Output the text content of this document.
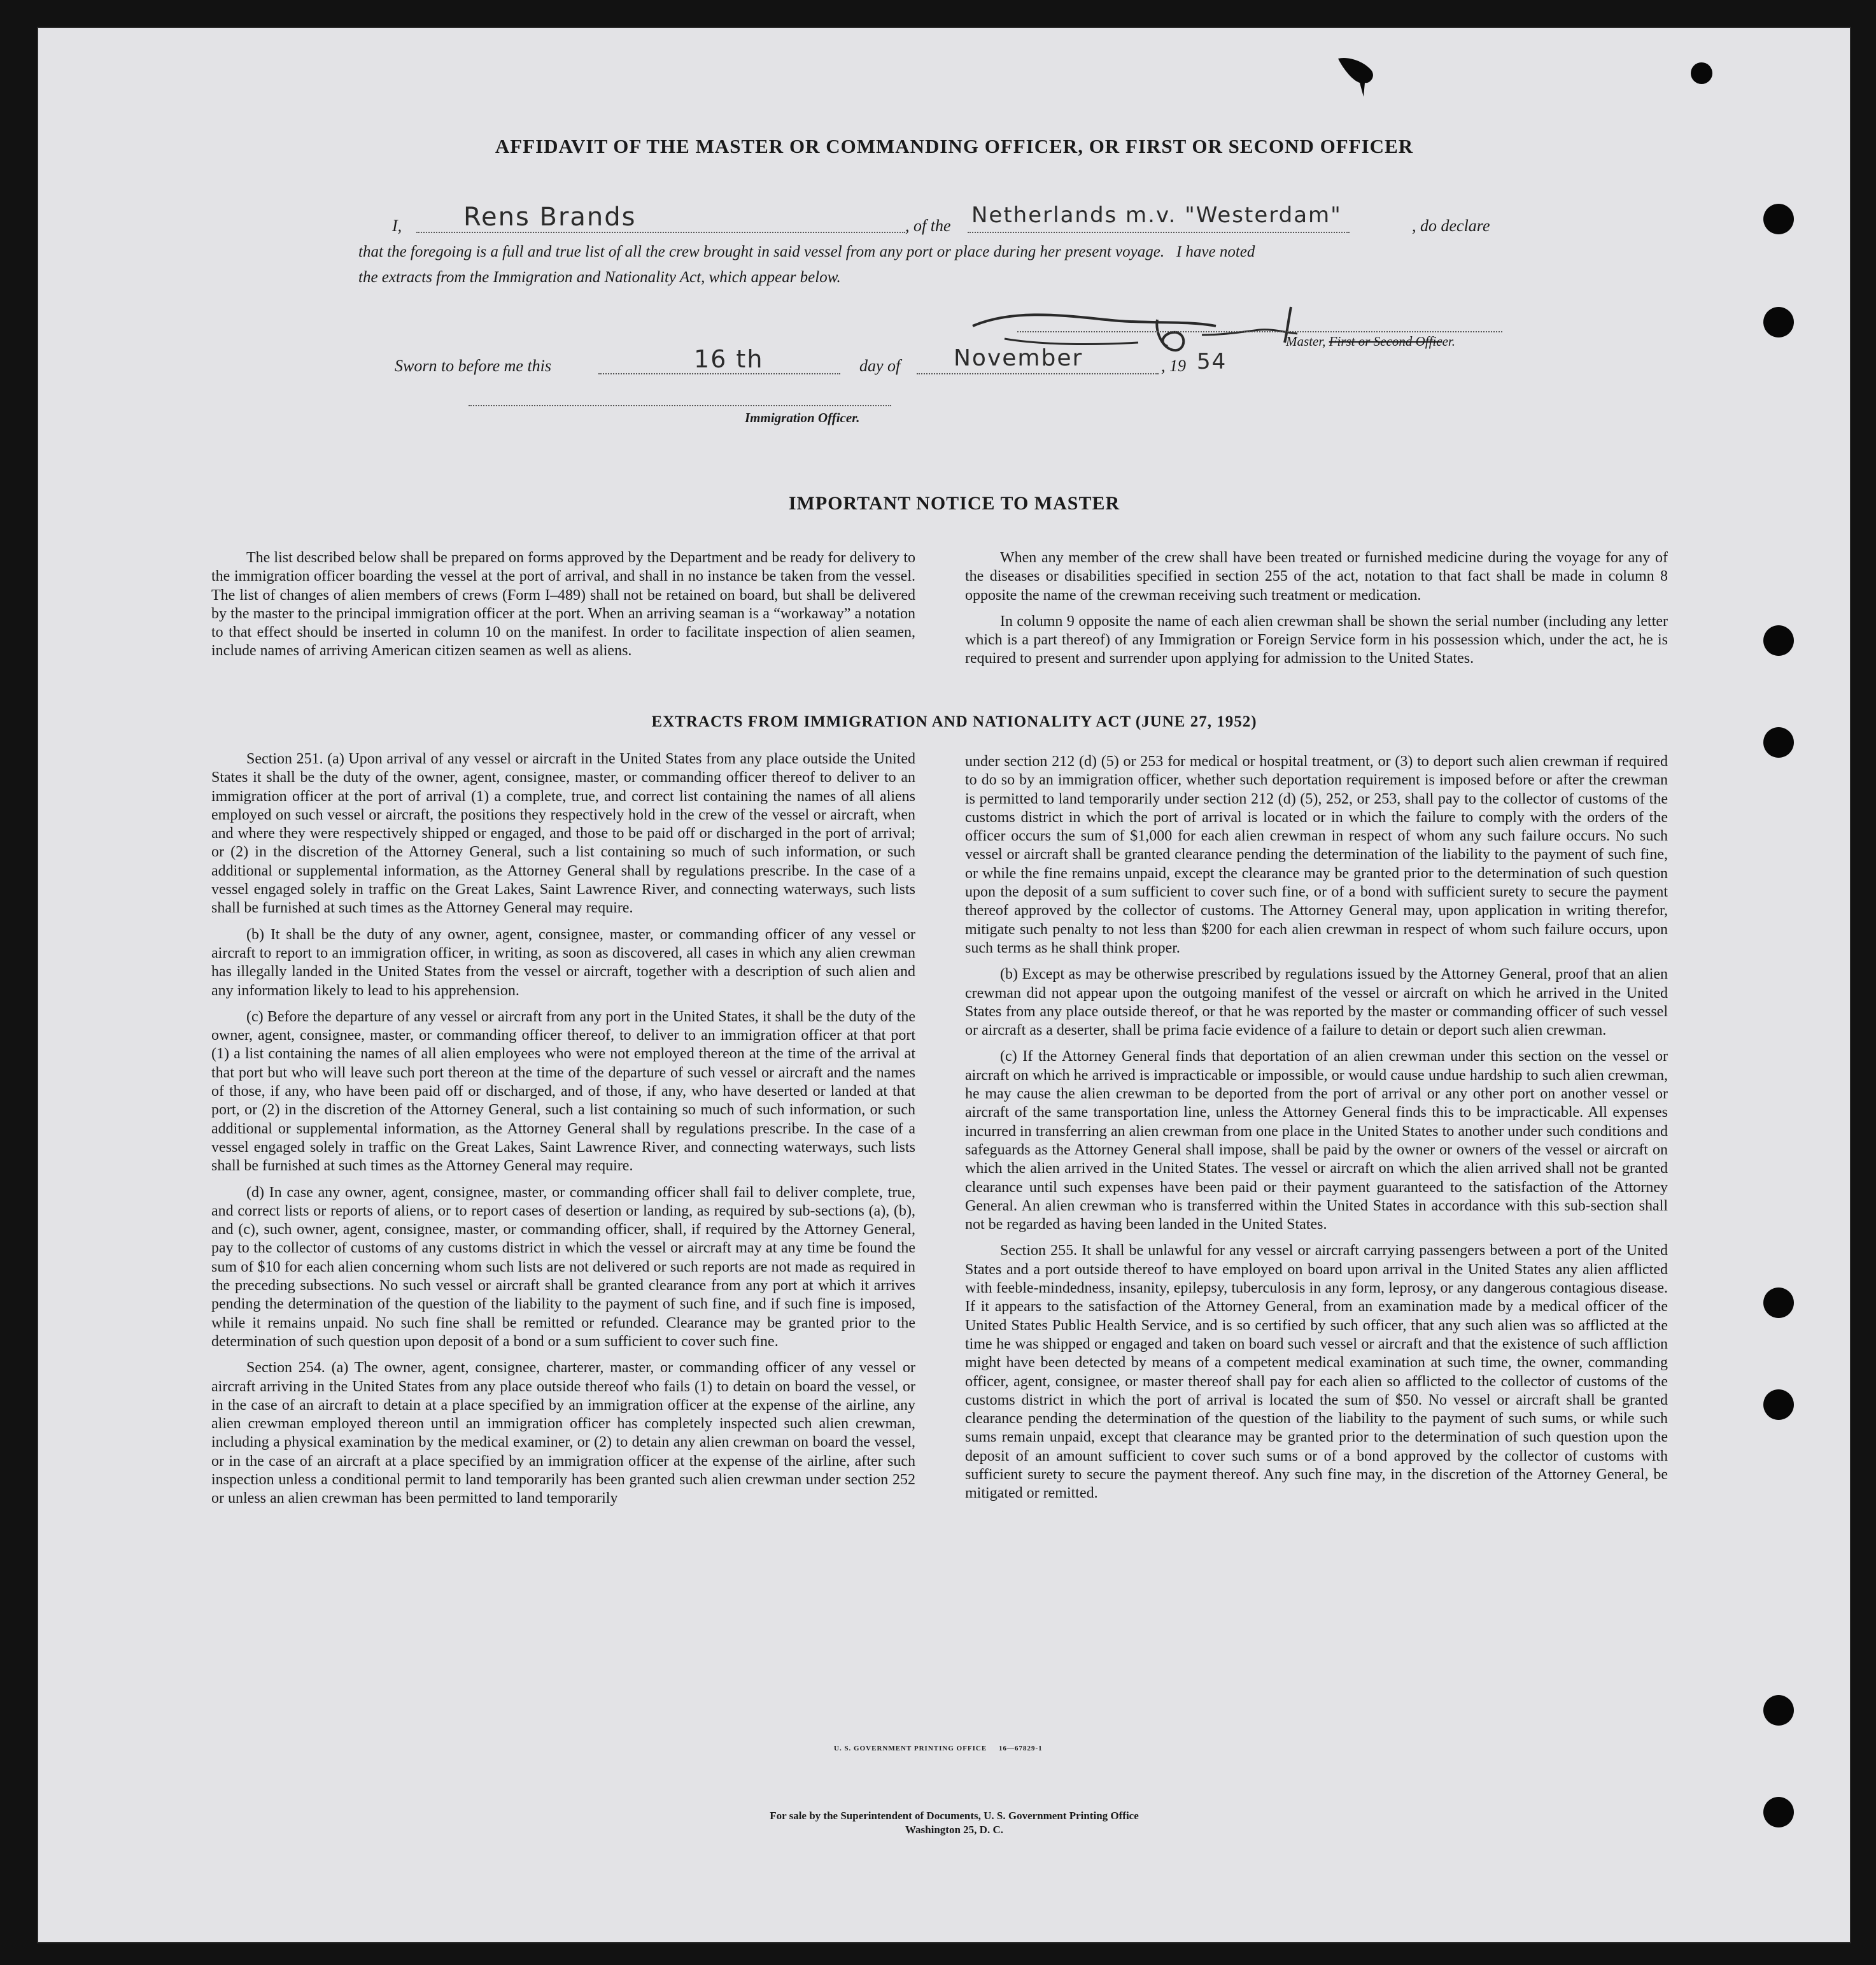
AFFIDAVIT OF THE MASTER OR COMMANDING OFFICER, OR FIRST OR SECOND OFFICER
I, Rens Brands	, of the Netherlands m.v. "Westerdam"	, do declare
that the foregoing is a full and true list of all the crew brought in said vessel from any port or place during her present voyage.   I have noted
the extracts from the Immigration and Nationality Act, which appear below.
Master, First or Second Officer.
Sworn to before me this	16 th	day of November	, 19 54
Immigration Officer.
IMPORTANT NOTICE TO MASTER

The list described below shall be prepared on forms approved by the Department and be ready for delivery to the immigration officer boarding the vessel at the port of arrival, and shall in no instance be taken from the vessel. The list of changes of alien members of crews (Form I–489) shall not be retained on board, but shall be delivered by the master to the principal immigration officer at the port. When an arriving seaman is a “workaway” a notation to that effect should be inserted in column 10 on the manifest. In order to facilitate inspection of alien seamen, include names of arriving American citizen seamen as well as aliens.

When any member of the crew shall have been treated or furnished medicine during the voyage for any of the diseases or disabilities specified in section 255 of the act, notation to that fact shall be made in column 8 opposite the name of the crewman receiving such treatment or medication.

In column 9 opposite the name of each alien crewman shall be shown the serial number (including any letter which is a part thereof) of any Immigration or Foreign Service form in his possession which, under the act, he is required to present and surrender upon applying for admission to the United States.

EXTRACTS FROM IMMIGRATION AND NATIONALITY ACT (JUNE 27, 1952)

Section 251. (a) Upon arrival of any vessel or aircraft in the United States from any place outside the United States it shall be the duty of the owner, agent, consignee, master, or commanding officer thereof to deliver to an immigration officer at the port of arrival (1) a complete, true, and correct list containing the names of all aliens employed on such vessel or aircraft, the positions they respectively hold in the crew of the vessel or aircraft, when and where they were respectively shipped or engaged, and those to be paid off or discharged in the port of arrival; or (2) in the discretion of the Attorney General, such a list containing so much of such information, or such additional or supplemental information, as the Attorney General shall by regulations prescribe. In the case of a vessel engaged solely in traffic on the Great Lakes, Saint Lawrence River, and connecting waterways, such lists shall be furnished at such times as the Attorney General may require.

(b) It shall be the duty of any owner, agent, consignee, master, or commanding officer of any vessel or aircraft to report to an immigration officer, in writing, as soon as discovered, all cases in which any alien crewman has illegally landed in the United States from the vessel or aircraft, together with a description of such alien and any information likely to lead to his apprehension.

(c) Before the departure of any vessel or aircraft from any port in the United States, it shall be the duty of the owner, agent, consignee, master, or commanding officer thereof, to deliver to an immigration officer at that port (1) a list containing the names of all alien employees who were not employed thereon at the time of the arrival at that port but who will leave such port thereon at the time of the departure of such vessel or aircraft and the names of those, if any, who have been paid off or discharged, and of those, if any, who have deserted or landed at that port, or (2) in the discretion of the Attorney General, such a list containing so much of such information, or such additional or supplemental information, as the Attorney General shall by regulations prescribe. In the case of a vessel engaged solely in traffic on the Great Lakes, Saint Lawrence River, and connecting waterways, such lists shall be furnished at such times as the Attorney General may require.

(d) In case any owner, agent, consignee, master, or commanding officer shall fail to deliver complete, true, and correct lists or reports of aliens, or to report cases of desertion or landing, as required by sub-sections (a), (b), and (c), such owner, agent, consignee, master, or commanding officer, shall, if required by the Attorney General, pay to the collector of customs of any customs district in which the vessel or aircraft may at any time be found the sum of $10 for each alien concerning whom such lists are not delivered or such reports are not made as required in the preceding subsections. No such vessel or aircraft shall be granted clearance from any port at which it arrives pending the determination of the question of the liability to the payment of such fine, and if such fine is imposed, while it remains unpaid. No such fine shall be remitted or refunded. Clearance may be granted prior to the determination of such question upon deposit of a bond or a sum sufficient to cover such fine.

Section 254. (a) The owner, agent, consignee, charterer, master, or commanding officer of any vessel or aircraft arriving in the United States from any place outside thereof who fails (1) to detain on board the vessel, or in the case of an aircraft to detain at a place specified by an immigration officer at the expense of the airline, any alien crewman employed thereon until an immigration officer has completely inspected such alien crewman, including a physical examination by the medical examiner, or (2) to detain any alien crewman on board the vessel, or in the case of an aircraft at a place specified by an immigration officer at the expense of the airline, after such inspection unless a conditional permit to land temporarily has been granted such alien crewman under section 252 or unless an alien crewman has been permitted to land temporarily

under section 212 (d) (5) or 253 for medical or hospital treatment, or (3) to deport such alien crewman if required to do so by an immigration officer, whether such deportation requirement is imposed before or after the crewman is permitted to land temporarily under section 212 (d) (5), 252, or 253, shall pay to the collector of customs of the customs district in which the port of arrival is located or in which the failure to comply with the orders of the officer occurs the sum of $1,000 for each alien crewman in respect of whom any such failure occurs. No such vessel or aircraft shall be granted clearance pending the determination of the liability to the payment of such fine, or while the fine remains unpaid, except the clearance may be granted prior to the determination of such question upon the deposit of a sum sufficient to cover such fine, or of a bond with sufficient surety to secure the payment thereof approved by the collector of customs. The Attorney General may, upon application in writing therefor, mitigate such penalty to not less than $200 for each alien crewman in respect of whom such failure occurs, upon such terms as he shall think proper.

(b) Except as may be otherwise prescribed by regulations issued by the Attorney General, proof that an alien crewman did not appear upon the outgoing manifest of the vessel or aircraft on which he arrived in the United States from any place outside thereof, or that he was reported by the master or commanding officer of such vessel or aircraft as a deserter, shall be prima facie evidence of a failure to detain or deport such alien crewman.

(c) If the Attorney General finds that deportation of an alien crewman under this section on the vessel or aircraft on which he arrived is impracticable or impossible, or would cause undue hardship to such alien crewman, he may cause the alien crewman to be deported from the port of arrival or any other port on another vessel or aircraft of the same transportation line, unless the Attorney General finds this to be impracticable. All expenses incurred in transferring an alien crewman from one place in the United States to another under such conditions and safeguards as the Attorney General shall impose, shall be paid by the owner or owners of the vessel or aircraft on which the alien arrived in the United States. The vessel or aircraft on which the alien arrived shall not be granted clearance until such expenses have been paid or their payment guaranteed to the satisfaction of the Attorney General. An alien crewman who is transferred within the United States in accordance with this sub-section shall not be regarded as having been landed in the United States.

Section 255. It shall be unlawful for any vessel or aircraft carrying passengers between a port of the United States and a port outside thereof to have employed on board upon arrival in the United States any alien afflicted with feeble-mindedness, insanity, epilepsy, tuberculosis in any form, leprosy, or any dangerous contagious disease. If it appears to the satisfaction of the Attorney General, from an examination made by a medical officer of the United States Public Health Service, and is so certified by such officer, that any such alien was so afflicted at the time he was shipped or engaged and taken on board such vessel or aircraft and that the existence of such affliction might have been detected by means of a competent medical examination at such time, the owner, commanding officer, agent, consignee, or master thereof shall pay for each alien so afflicted to the collector of customs of the customs district in which the port of arrival is located the sum of $50. No vessel or aircraft shall be granted clearance pending the determination of the question of the liability to the payment of such sums, or while such sums remain unpaid, except that clearance may be granted prior to the determination of such question upon the deposit of an amount sufficient to cover such sums or of a bond approved by the collector of customs with sufficient surety to secure the payment thereof. Any such fine may, in the discretion of the Attorney General, be mitigated or remitted.

U. S. GOVERNMENT PRINTING OFFICE     16—67829-1
For sale by the Superintendent of Documents, U. S. Government Printing Office
Washington 25, D. C.
